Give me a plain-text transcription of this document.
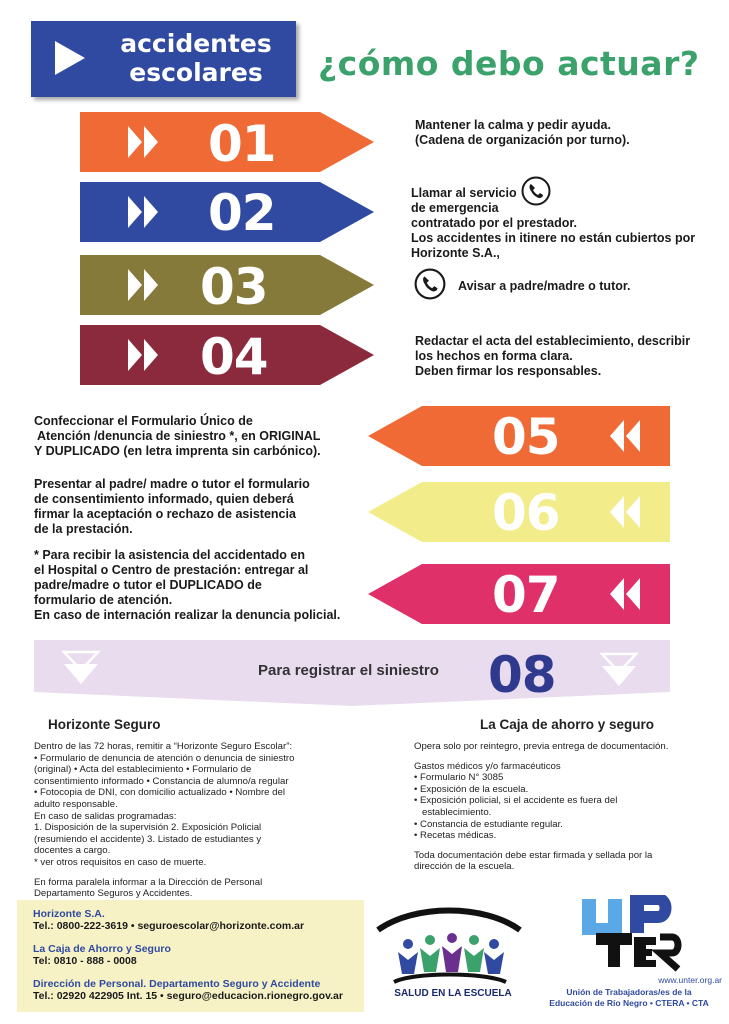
accidentes
escolares	¿cómo debo actuar?
01	Mantener la calma y pedir ayuda.
(Cadena de organización por turno).
02	Llamar al servicio
de emergencia
contratado por el prestador.
Los accidentes in itinere no están cubiertos por
Horizonte S.A.,
03	Avisar a padre/madre o tutor.
04	Redactar el acta del establecimiento, describir
los hechos en forma clara.
Deben firmar los responsables.
05
Confeccionar el Formulario Único de
Atención /denuncia de siniestro *, en ORIGINAL
Y DUPLICADO (en letra imprenta sin carbónico).
06
Presentar al padre/ madre o tutor el formulario
de consentimiento informado, quien deberá
firmar la aceptación o rechazo de asistencia
de la prestación.
07
* Para recibir la asistencia del accidentado en
el Hospital o Centro de prestación: entregar al
padre/madre o tutor el DUPLICADO de
formulario de atención.
En caso de internación realizar la denuncia policial.
Para registrar el siniestro 08
Horizonte Seguro

Dentro de las 72 horas, remitir a “Horizonte Seguro Escolar”:

• Formulario de denuncia de atención o denuncia de siniestro

(original) • Acta del establecimiento • Formulario de

consentimiento informado • Constancia de alumno/a regular

• Fotocopia de DNI, con domicilio actualizado • Nombre del

adulto responsable.

En caso de salidas programadas:

1. Disposición de la supervisión 2. Exposición Policial

(resumiendo el accidente) 3. Listado de estudiantes y

docentes a cargo.

* ver otros requisitos en caso de muerte.

En forma paralela informar a la Dirección de Personal

Departamento Seguros y Accidentes.

La Caja de ahorro y seguro

Opera solo por reintegro, previa entrega de documentación.

Gastos médicos y/o farmacéuticos

• Formulario N° 3085

• Exposición de la escuela.

• Exposición policial, si el accidente es fuera del

establecimiento.

• Constancia de estudiante regular.

• Recetas médicas.

Toda documentación debe estar firmada y sellada por la

dirección de la escuela.

Horizonte S.A.
Tel.: 0800-222-3619 • seguroescolar@horizonte.com.ar
La Caja de Ahorro y Seguro
Tel: 0810 - 888 - 0008
Dirección de Personal. Departamento Seguro y Accidente
Tel.: 02920 422905 Int. 15 • seguro@educacion.rionegro.gov.ar	SALUD EN LA ESCUELA
www.unter.org.ar
Unión de Trabajadoras/es de la
Educación de Río Negro • CTERA • CTA
